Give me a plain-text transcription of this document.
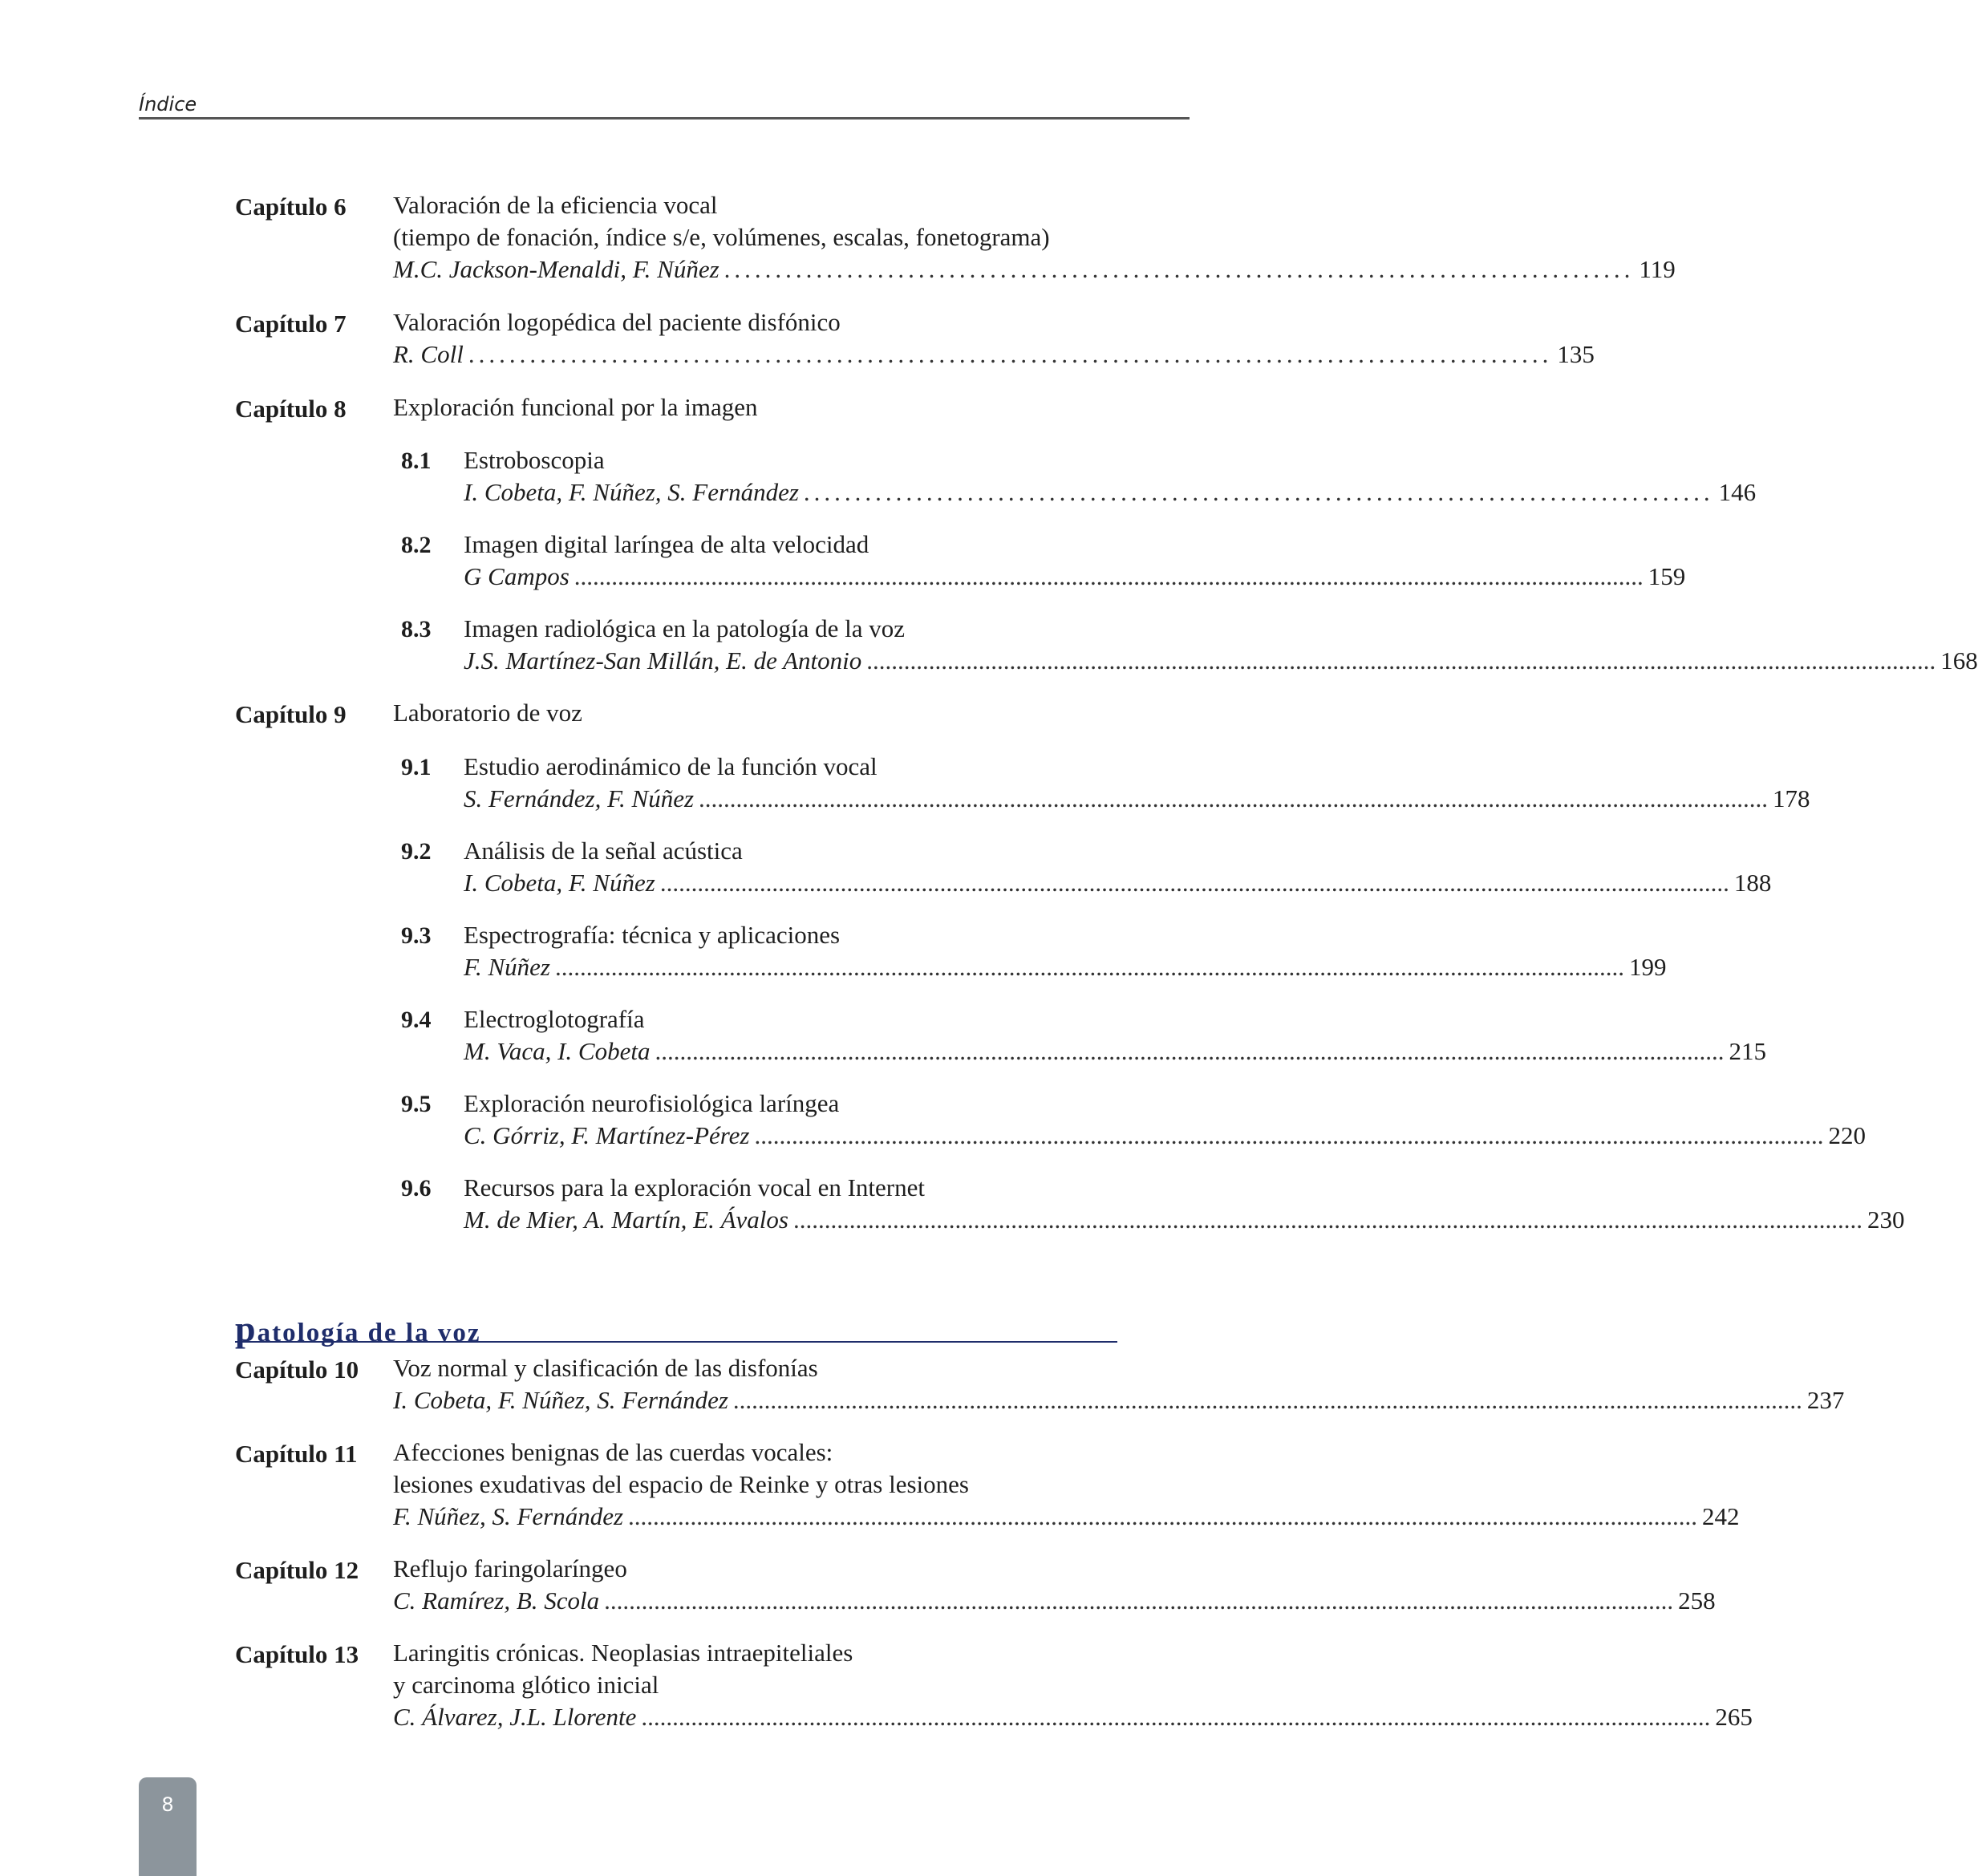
Índice
Capítulo 6 Valoración de la eficiencia vocal
(tiempo de fonación, índice s/e, volúmenes, escalas, fonetograma)
M.C. Jackson-Menaldi, F. Núñez ......................................................................................... 119
Capítulo 7 Valoración logopédica del paciente disfónico
R. Coll .......................................................................................................... 135
Capítulo 8 Exploración funcional por la imagen
8.1 Estroboscopia
I. Cobeta, F. Núñez, S. Fernández ......................................................................................... 146
8.2 Imagen digital laríngea de alta velocidad
G Campos ............................................................................................................................................................................ 159
8.3 Imagen radiológica en la patología de la voz
J.S. Martínez-San Millán, E. de Antonio ............................................................................................................................................................................ 168
Capítulo 9 Laboratorio de voz
9.1 Estudio aerodinámico de la función vocal
S. Fernández, F. Núñez ............................................................................................................................................................................ 178
9.2 Análisis de la señal acústica
I. Cobeta, F. Núñez ............................................................................................................................................................................ 188
9.3 Espectrografía: técnica y aplicaciones
F. Núñez ............................................................................................................................................................................ 199
9.4 Electroglotografía
M. Vaca, I. Cobeta ............................................................................................................................................................................ 215
9.5 Exploración neurofisiológica laríngea
C. Górriz, F. Martínez-Pérez ............................................................................................................................................................................ 220
9.6 Recursos para la exploración vocal en Internet
M. de Mier, A. Martín, E. Ávalos ............................................................................................................................................................................ 230
patología de la voz
Capítulo 10 Voz normal y clasificación de las disfonías
I. Cobeta, F. Núñez, S. Fernández ............................................................................................................................................................................ 237
Capítulo 11 Afecciones benignas de las cuerdas vocales:
lesiones exudativas del espacio de Reinke y otras lesiones
F. Núñez, S. Fernández ............................................................................................................................................................................ 242
Capítulo 12 Reflujo faringolaríngeo
C. Ramírez, B. Scola ............................................................................................................................................................................ 258
Capítulo 13 Laringitis crónicas. Neoplasias intraepiteliales
y carcinoma glótico inicial
C. Álvarez, J.L. Llorente ............................................................................................................................................................................ 265
8
